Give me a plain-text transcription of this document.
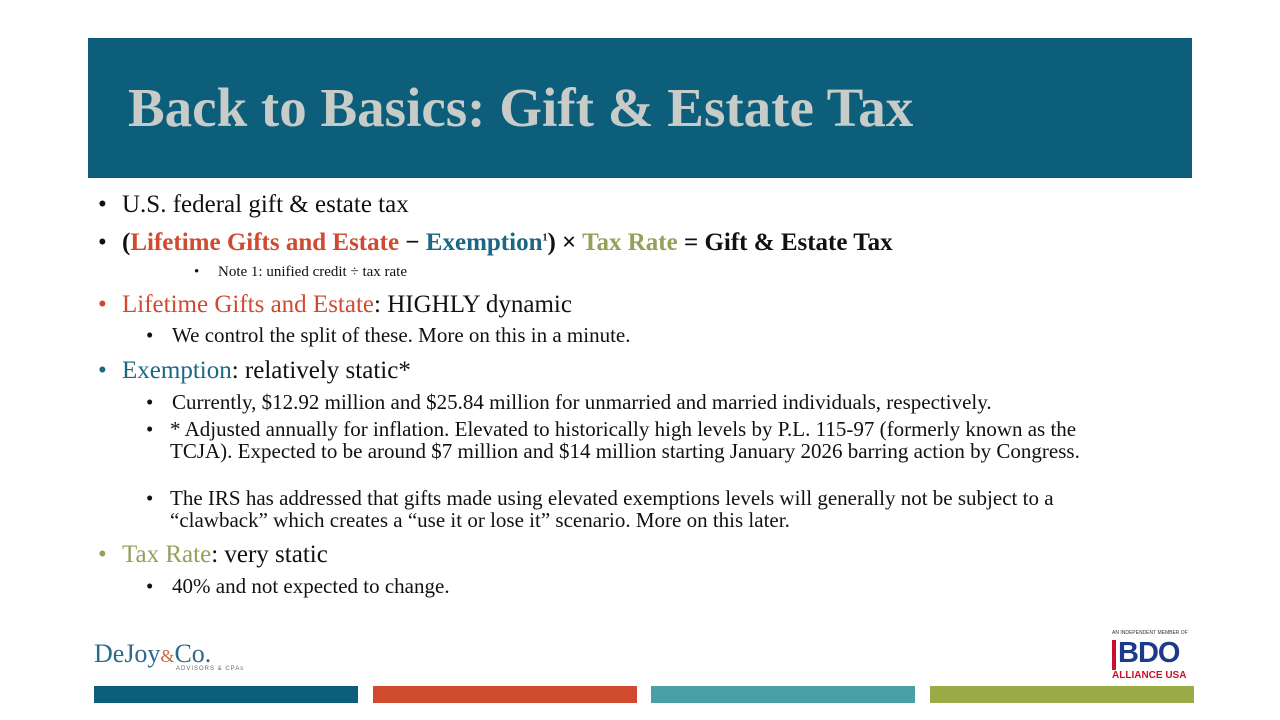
Back to Basics: Gift & Estate Tax
• U.S. federal gift & estate tax
• (Lifetime Gifts and Estate − Exemption$^1$) × Tax Rate = Gift & Estate Tax
• Note 1: unified credit ÷ tax rate
• Lifetime Gifts and Estate: HIGHLY dynamic
• We control the split of these. More on this in a minute.
• Exemption: relatively static*
• Currently, $12.92 million and $25.84 million for unmarried and married individuals, respectively.
• * Adjusted annually for inflation. Elevated to historically high levels by P.L. 115-97 (formerly known as the TCJA). Expected to be around $7 million and $14 million starting January 2026 barring action by Congress.
• The IRS has addressed that gifts made using elevated exemptions levels will generally not be subject to a “clawback” which creates a “use it or lose it” scenario. More on this later.
• Tax Rate: very static
• 40% and not expected to change.
DeJoy&Co.
ADVISORS & CPAs
AN INDEPENDENT MEMBER OF
BDO
ALLIANCE USA
